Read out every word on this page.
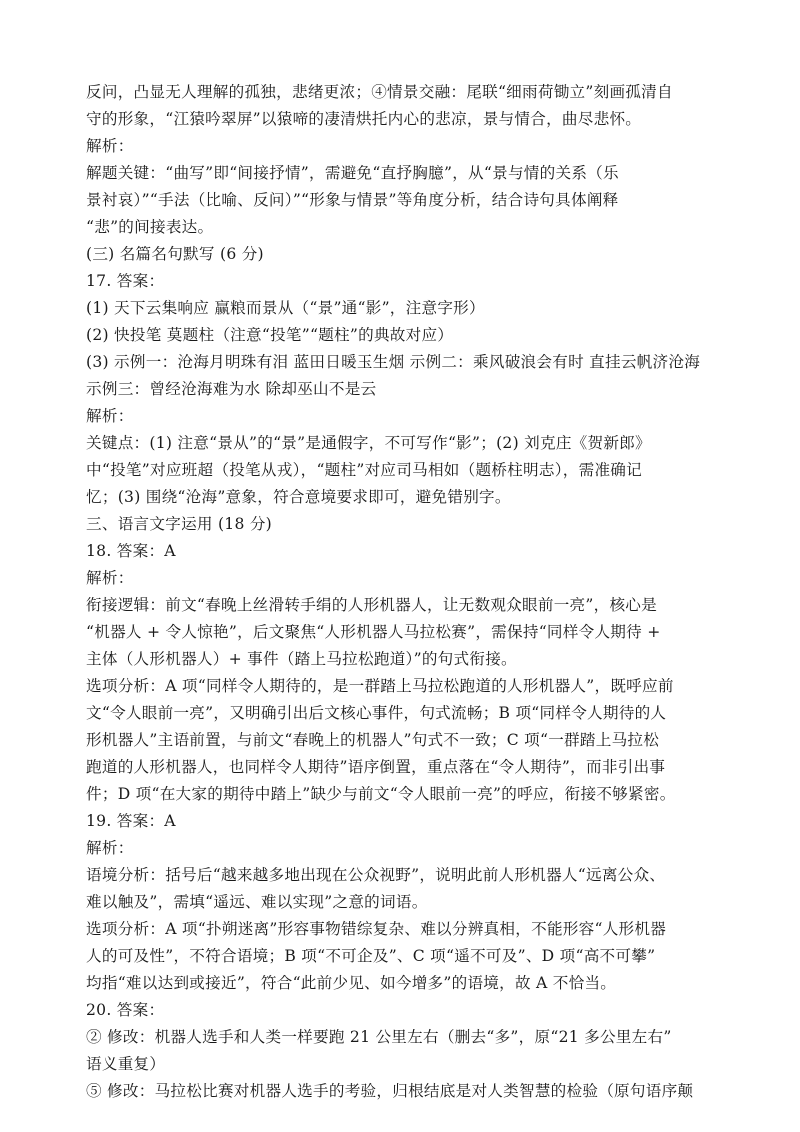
反问，凸显无人理解的孤独，悲绪更浓；④情景交融：尾联“细雨荷锄立”刻画孤清自
守的形象，“江猿吟翠屏”以猿啼的凄清烘托内心的悲凉，景与情合，曲尽悲怀。
解析：
解题关键：“曲写”即“间接抒情”，需避免“直抒胸臆”，从“景与情的关系（乐
景衬哀）”“手法（比喻、反问）”“形象与情景”等角度分析，结合诗句具体阐释
“悲”的间接表达。
(三) 名篇名句默写 (6 分)
17. 答案：
(1) 天下云集响应 赢粮而景从（“景”通“影”，注意字形）
(2) 快投笔 莫题柱（注意“投笔”“题柱”的典故对应）
(3) 示例一：沧海月明珠有泪 蓝田日暖玉生烟 示例二：乘风破浪会有时 直挂云帆济沧海
示例三：曾经沧海难为水 除却巫山不是云
解析：
关键点：(1) 注意“景从”的“景”是通假字，不可写作“影”；(2) 刘克庄《贺新郎》
中“投笔”对应班超（投笔从戎），“题柱”对应司马相如（题桥柱明志），需准确记
忆；(3) 围绕“沧海”意象，符合意境要求即可，避免错别字。
三、语言文字运用 (18 分)
18. 答案：A
解析：
衔接逻辑：前文“春晚上丝滑转手绢的人形机器人，让无数观众眼前一亮”，核心是
“机器人 + 令人惊艳”，后文聚焦“人形机器人马拉松赛”，需保持“同样令人期待 +
主体（人形机器人）+ 事件（踏上马拉松跑道）”的句式衔接。
选项分析：A 项“同样令人期待的，是一群踏上马拉松跑道的人形机器人”，既呼应前
文“令人眼前一亮”，又明确引出后文核心事件，句式流畅；B 项“同样令人期待的人
形机器人”主语前置，与前文“春晚上的机器人”句式不一致；C 项“一群踏上马拉松
跑道的人形机器人，也同样令人期待”语序倒置，重点落在“令人期待”，而非引出事
件；D 项“在大家的期待中踏上”缺少与前文“令人眼前一亮”的呼应，衔接不够紧密。
19. 答案：A
解析：
语境分析：括号后“越来越多地出现在公众视野”，说明此前人形机器人“远离公众、
难以触及”，需填“遥远、难以实现”之意的词语。
选项分析：A 项“扑朔迷离”形容事物错综复杂、难以分辨真相，不能形容“人形机器
人的可及性”，不符合语境；B 项“不可企及”、C 项“遥不可及”、D 项“高不可攀”
均指“难以达到或接近”，符合“此前少见、如今增多”的语境，故 A 不恰当。
20. 答案：
② 修改：机器人选手和人类一样要跑 21 公里左右（删去“多”，原“21 多公里左右”
语义重复）
⑤ 修改：马拉松比赛对机器人选手的考验，归根结底是对人类智慧的检验（原句语序颠
